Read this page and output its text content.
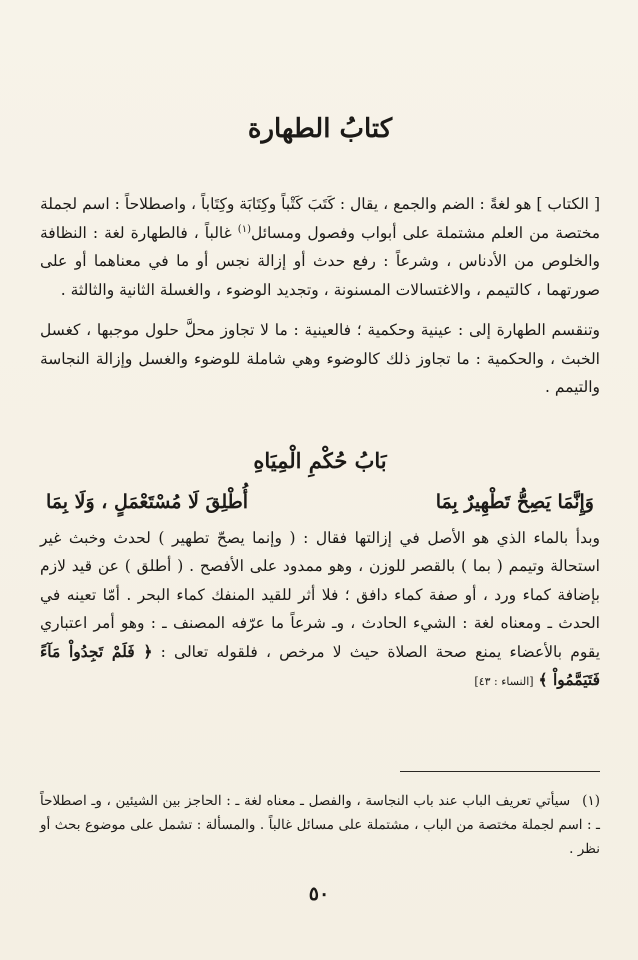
كتابُ الطهارة

[ الكتاب ] هو لغةً : الضم والجمع ، يقال : كَتَبَ كَتْباً وكِتَابَة وكِتَاباً ، واصطلاحاً : اسم لجملة مختصة من العلم مشتملة على أبواب وفصول ومسائل$^{(١)}$ غالباً ، فالطهارة لغة : النظافة والخلوص من الأدناس ، وشرعاً : رفع حدث أو إزالة نجس أو ما في معناهما أو على صورتهما ، كالتيمم ، والاغتسالات المسنونة ، وتجديد الوضوء ، والغسلة الثانية والثالثة .

وتنقسم الطهارة إلى : عينية وحكمية ؛ فالعينية : ما لا تجاوز محلَّ حلول موجبها ، كغسل الخبث ، والحكمية : ما تجاوز ذلك كالوضوء وهي شاملة للوضوء والغسل وإزالة النجاسة والتيمم .

بَابُ حُكْمِ الْمِيَاهِ
وَإِنَّمَا يَصِحُّ تَطْهِيرٌ بِمَا
أُطْلِقَ لَا مُسْتَعْمَلٍ ، وَلَا بِمَا

وبدأ بالماء الذي هو الأصل في إزالتها فقال : ( وإنما يصحّ تطهير ) لحدث وخبث غير استحالة وتيمم ( بما ) بالقصر للوزن ، وهو ممدود على الأفصح . ( أطلق ) عن قيد لازم بإضافة كماء ورد ، أو صفة كماء دافق ؛ فلا أثر للقيد المنفك كماء البحر . أمّا تعينه في الحدث ـ ومعناه لغة : الشيء الحادث ، وـ شرعاً ما عرّفه المصنف ـ : وهو أمر اعتباري يقوم بالأعضاء يمنع صحة الصلاة حيث لا مرخص ، فلقوله تعالى : ﴿ فَلَمْ تَجِدُواْ مَآءً فَتَيَمَّمُواْ ﴾ [النساء : ٤٣]

(١)سيأتي تعريف الباب عند باب النجاسة ، والفصل ـ معناه لغة ـ : الحاجز بين الشيئين ، وـ اصطلاحاً ـ : اسم لجملة مختصة من الباب ، مشتملة على مسائل غالباً . والمسألة : تشمل على موضوع بحث أو نظر .
٥٠
